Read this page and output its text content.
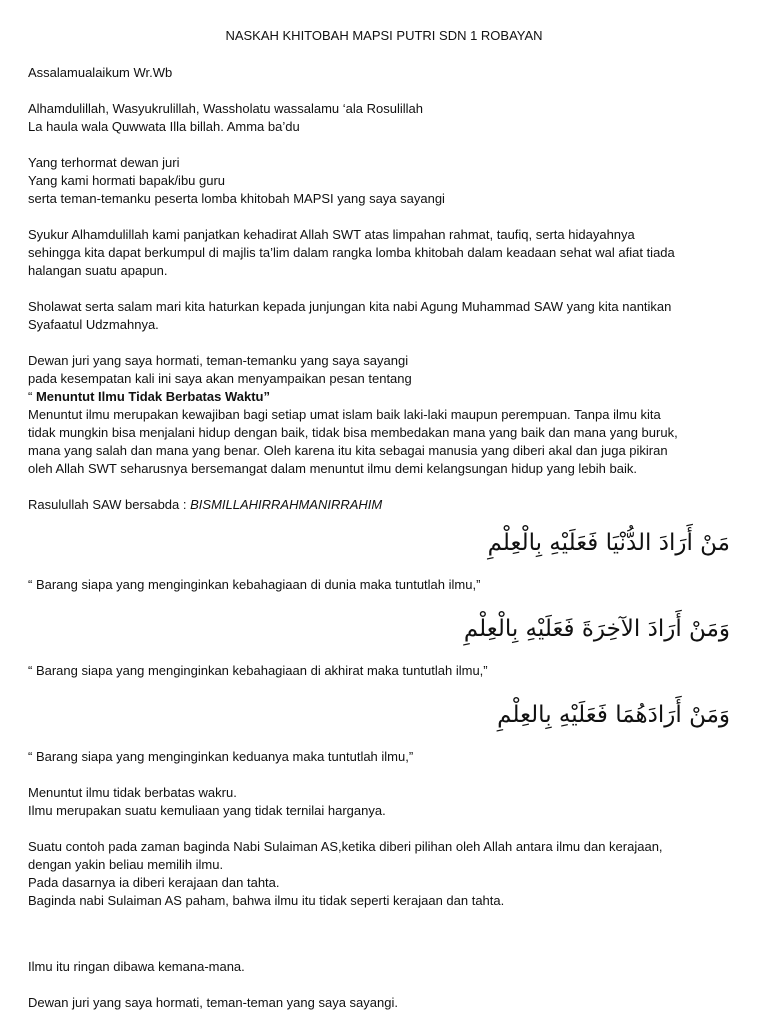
NASKAH KHITOBAH MAPSI PUTRI SDN 1 ROBAYAN

Assalamualaikum Wr.Wb

Alhamdulillah, Wasyukrulillah, Wassholatu wassalamu ‘ala Rosulillah
La haula wala Quwwata Illa billah. Amma ba’du

Yang terhormat dewan juri
Yang kami hormati bapak/ibu guru
serta teman-temanku peserta lomba khitobah MAPSI yang saya sayangi

Syukur Alhamdulillah kami panjatkan kehadirat Allah SWT atas limpahan rahmat, taufiq, serta hidayahnya
sehingga kita dapat berkumpul di majlis ta’lim dalam rangka lomba khitobah dalam keadaan sehat wal afiat tiada
halangan suatu apapun.

Sholawat serta salam mari kita haturkan kepada junjungan kita nabi Agung Muhammad SAW yang kita nantikan
Syafaatul Udzmahnya.

Dewan juri yang saya hormati, teman-temanku yang saya sayangi
pada kesempatan kali ini saya akan menyampaikan pesan tentang
“ Menuntut Ilmu Tidak Berbatas Waktu”
Menuntut ilmu merupakan kewajiban bagi setiap umat islam baik laki-laki maupun perempuan. Tanpa ilmu kita
tidak mungkin bisa menjalani hidup dengan baik, tidak bisa membedakan mana yang baik dan mana yang buruk,
mana yang salah dan mana yang benar. Oleh karena itu kita sebagai manusia yang diberi akal dan juga pikiran
oleh Allah SWT seharusnya bersemangat dalam menuntut ilmu demi kelangsungan hidup yang lebih baik.

Rasulullah SAW bersabda : BISMILLAHIRRAHMANIRRAHIM
مَنْ أَرَادَ الدُّنْيَا فَعَلَيْهِ بِالْعِلْمِ

“ Barang siapa yang menginginkan kebahagiaan di dunia maka tuntutlah ilmu,”

وَمَنْ أَرَادَ الآخِرَةَ فَعَلَيْهِ بِالْعِلْمِ

“ Barang siapa yang menginginkan kebahagiaan di akhirat maka tuntutlah ilmu,”

وَمَنْ أَرَادَهُمَا فَعَلَيْهِ بِالعِلْمِ

“ Barang siapa yang menginginkan keduanya maka tuntutlah ilmu,”

Menuntut ilmu tidak berbatas wakru.
Ilmu merupakan suatu kemuliaan yang tidak ternilai harganya.

Suatu contoh pada zaman baginda Nabi Sulaiman AS,ketika diberi pilihan oleh Allah antara ilmu dan kerajaan,
dengan yakin beliau memilih ilmu.
Pada dasarnya ia diberi kerajaan dan tahta.
Baginda nabi Sulaiman AS paham, bahwa ilmu itu tidak seperti kerajaan dan tahta.

Ilmu itu ringan dibawa kemana-mana.

Dewan juri yang saya hormati, teman-teman yang saya sayangi.
